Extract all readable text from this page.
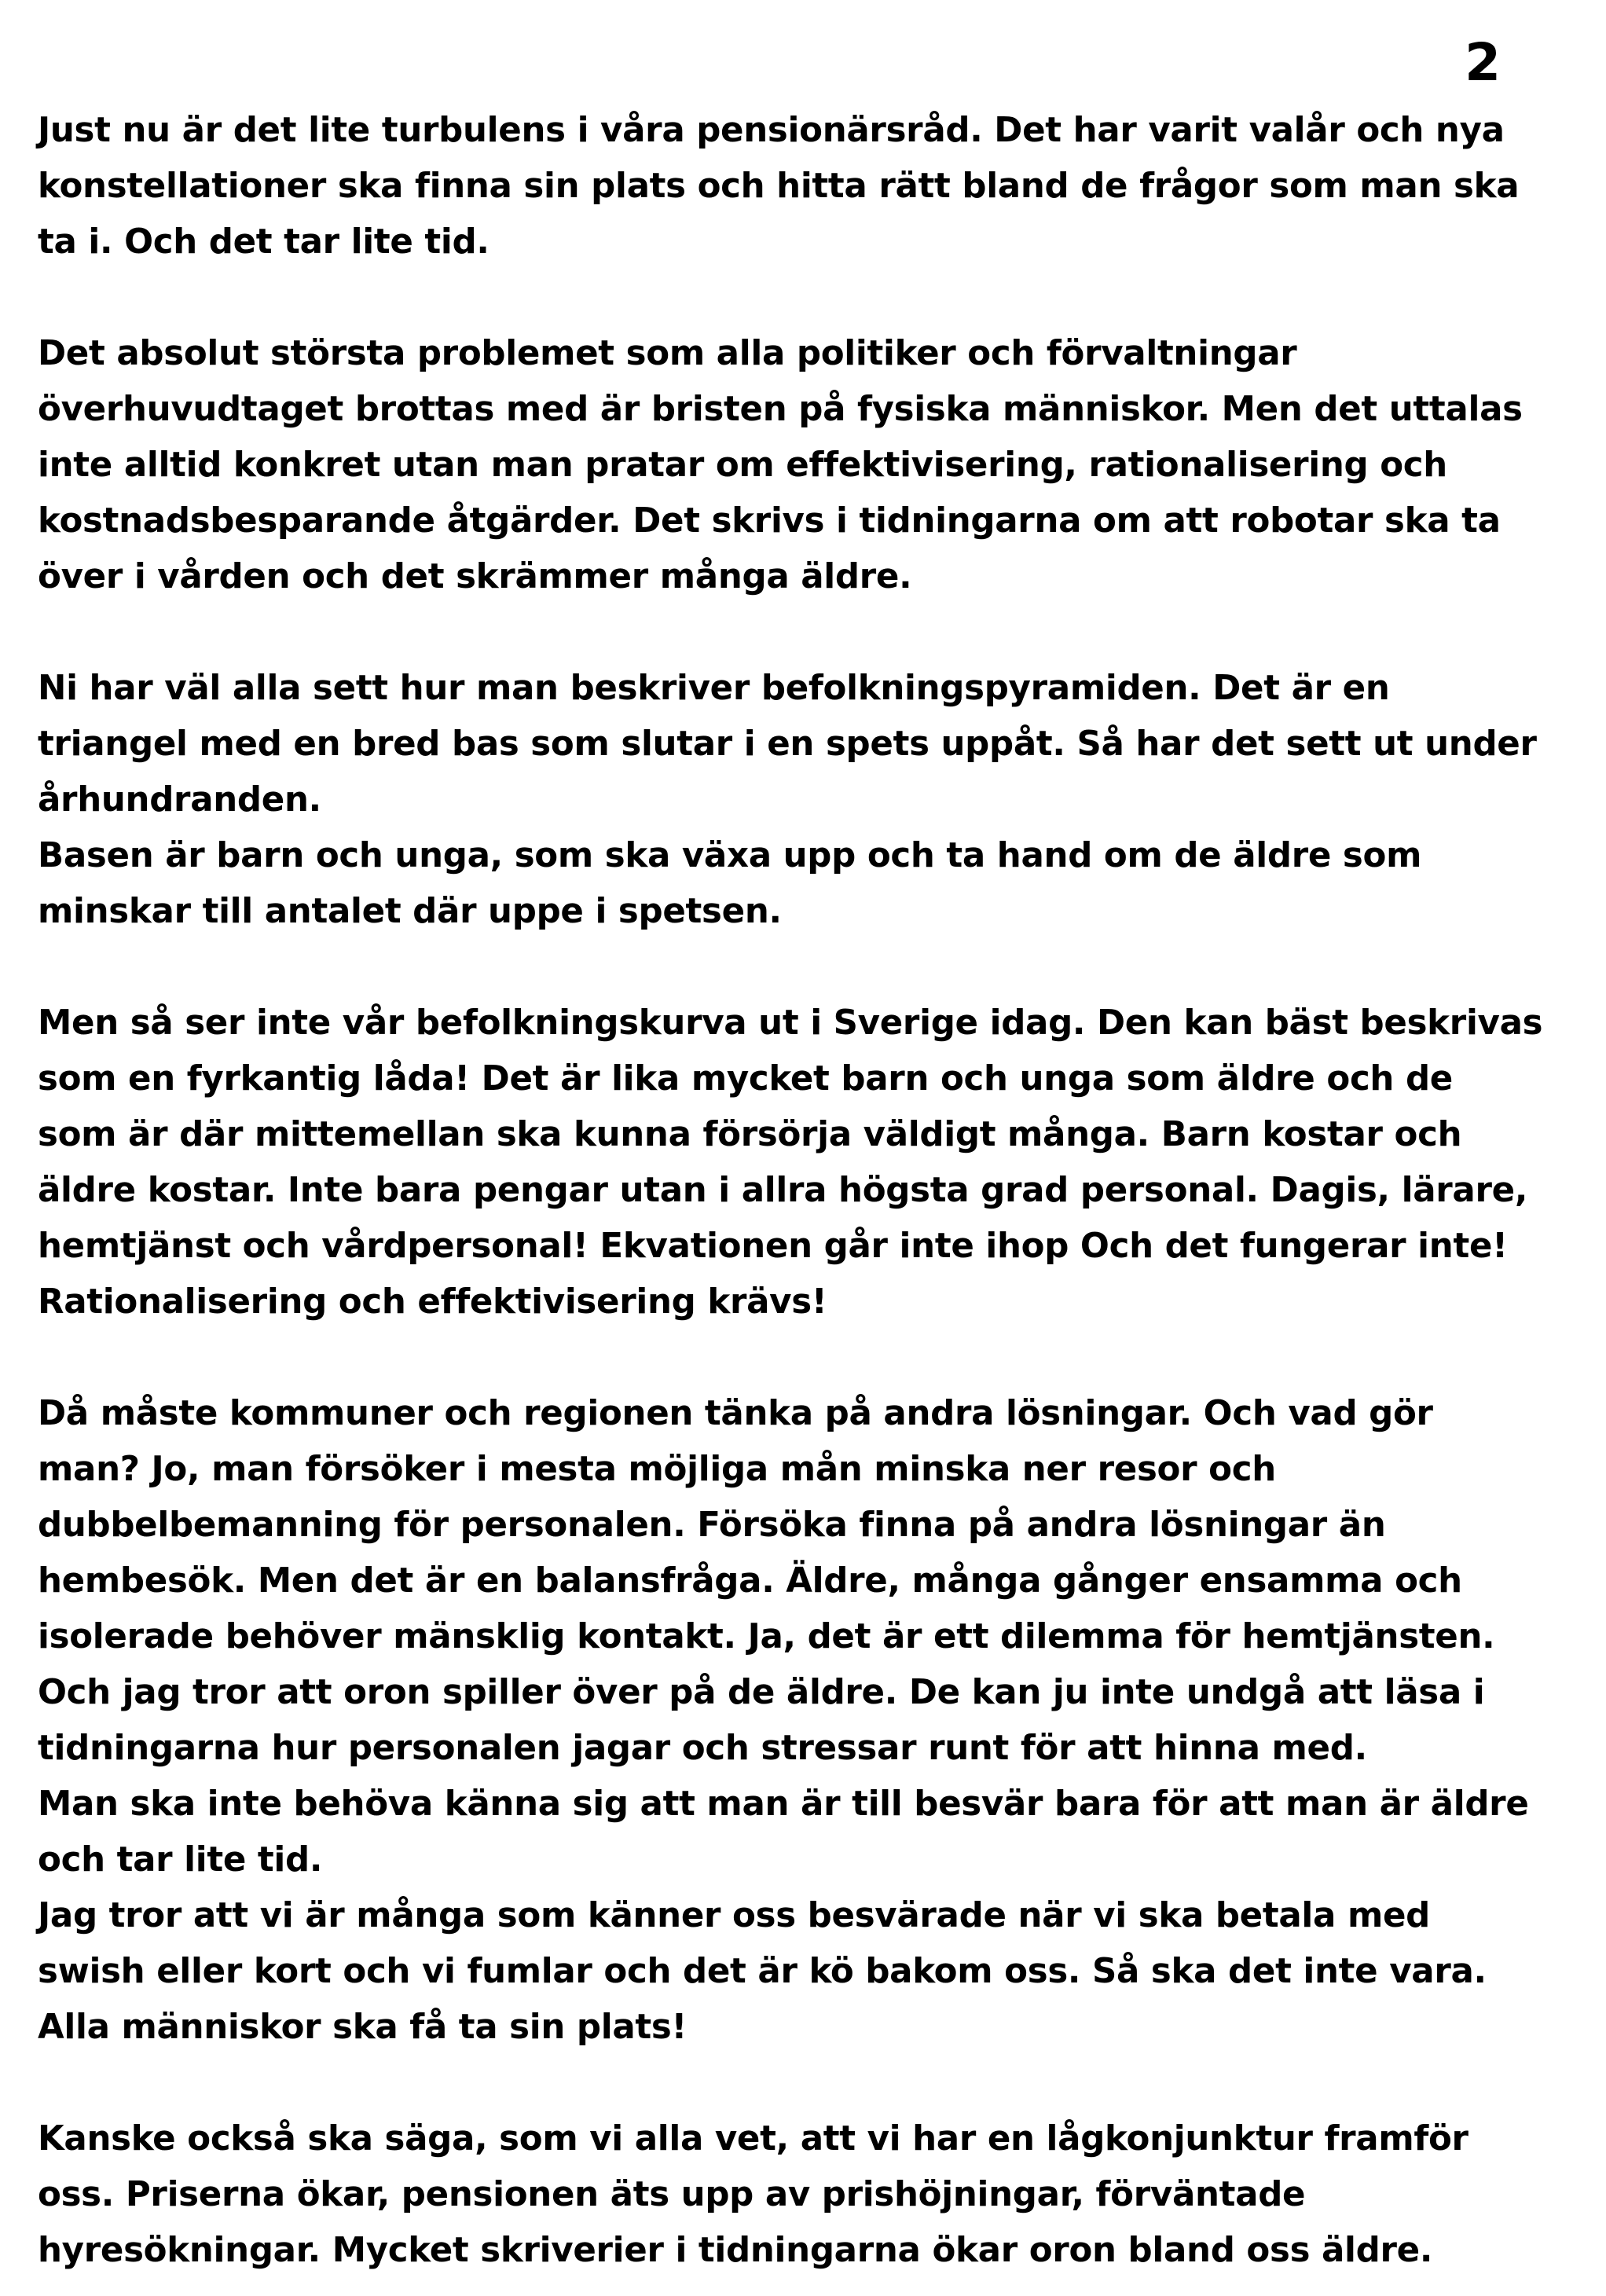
2
Just nu är det lite turbulens i våra pensionärsråd. Det har varit valår och nya
konstellationer ska finna sin plats och hitta rätt bland de frågor som man ska
ta i. Och det tar lite tid.
Det absolut största problemet som alla politiker och förvaltningar
överhuvudtaget brottas med är bristen på fysiska människor. Men det uttalas
inte alltid konkret utan man pratar om effektivisering, rationalisering och
kostnadsbesparande åtgärder. Det skrivs i tidningarna om att robotar ska ta
över i vården och det skrämmer många äldre.
Ni har väl alla sett hur man beskriver befolkningspyramiden. Det är en
triangel med en bred bas som slutar i en spets uppåt. Så har det sett ut under
århundranden.
Basen är barn och unga, som ska växa upp och ta hand om de äldre som
minskar till antalet där uppe i spetsen.
Men så ser inte vår befolkningskurva ut i Sverige idag. Den kan bäst beskrivas
som en fyrkantig låda! Det är lika mycket barn och unga som äldre och de
som är där mittemellan ska kunna försörja väldigt många. Barn kostar och
äldre kostar. Inte bara pengar utan i allra högsta grad personal. Dagis, lärare,
hemtjänst och vårdpersonal! Ekvationen går inte ihop Och det fungerar inte!
Rationalisering och effektivisering krävs!
Då måste kommuner och regionen tänka på andra lösningar. Och vad gör
man? Jo, man försöker i mesta möjliga mån minska ner resor och
dubbelbemanning för personalen. Försöka finna på andra lösningar än
hembesök. Men det är en balansfråga. Äldre, många gånger ensamma och
isolerade behöver mänsklig kontakt. Ja, det är ett dilemma för hemtjänsten.
Och jag tror att oron spiller över på de äldre. De kan ju inte undgå att läsa i
tidningarna hur personalen jagar och stressar runt för att hinna med.
Man ska inte behöva känna sig att man är till besvär bara för att man är äldre
och tar lite tid.
Jag tror att vi är många som känner oss besvärade när vi ska betala med
swish eller kort och vi fumlar och det är kö bakom oss. Så ska det inte vara.
Alla människor ska få ta sin plats!
Kanske också ska säga, som vi alla vet, att vi har en lågkonjunktur framför
oss. Priserna ökar, pensionen äts upp av prishöjningar, förväntade
hyresökningar. Mycket skriverier i tidningarna ökar oron bland oss äldre.
